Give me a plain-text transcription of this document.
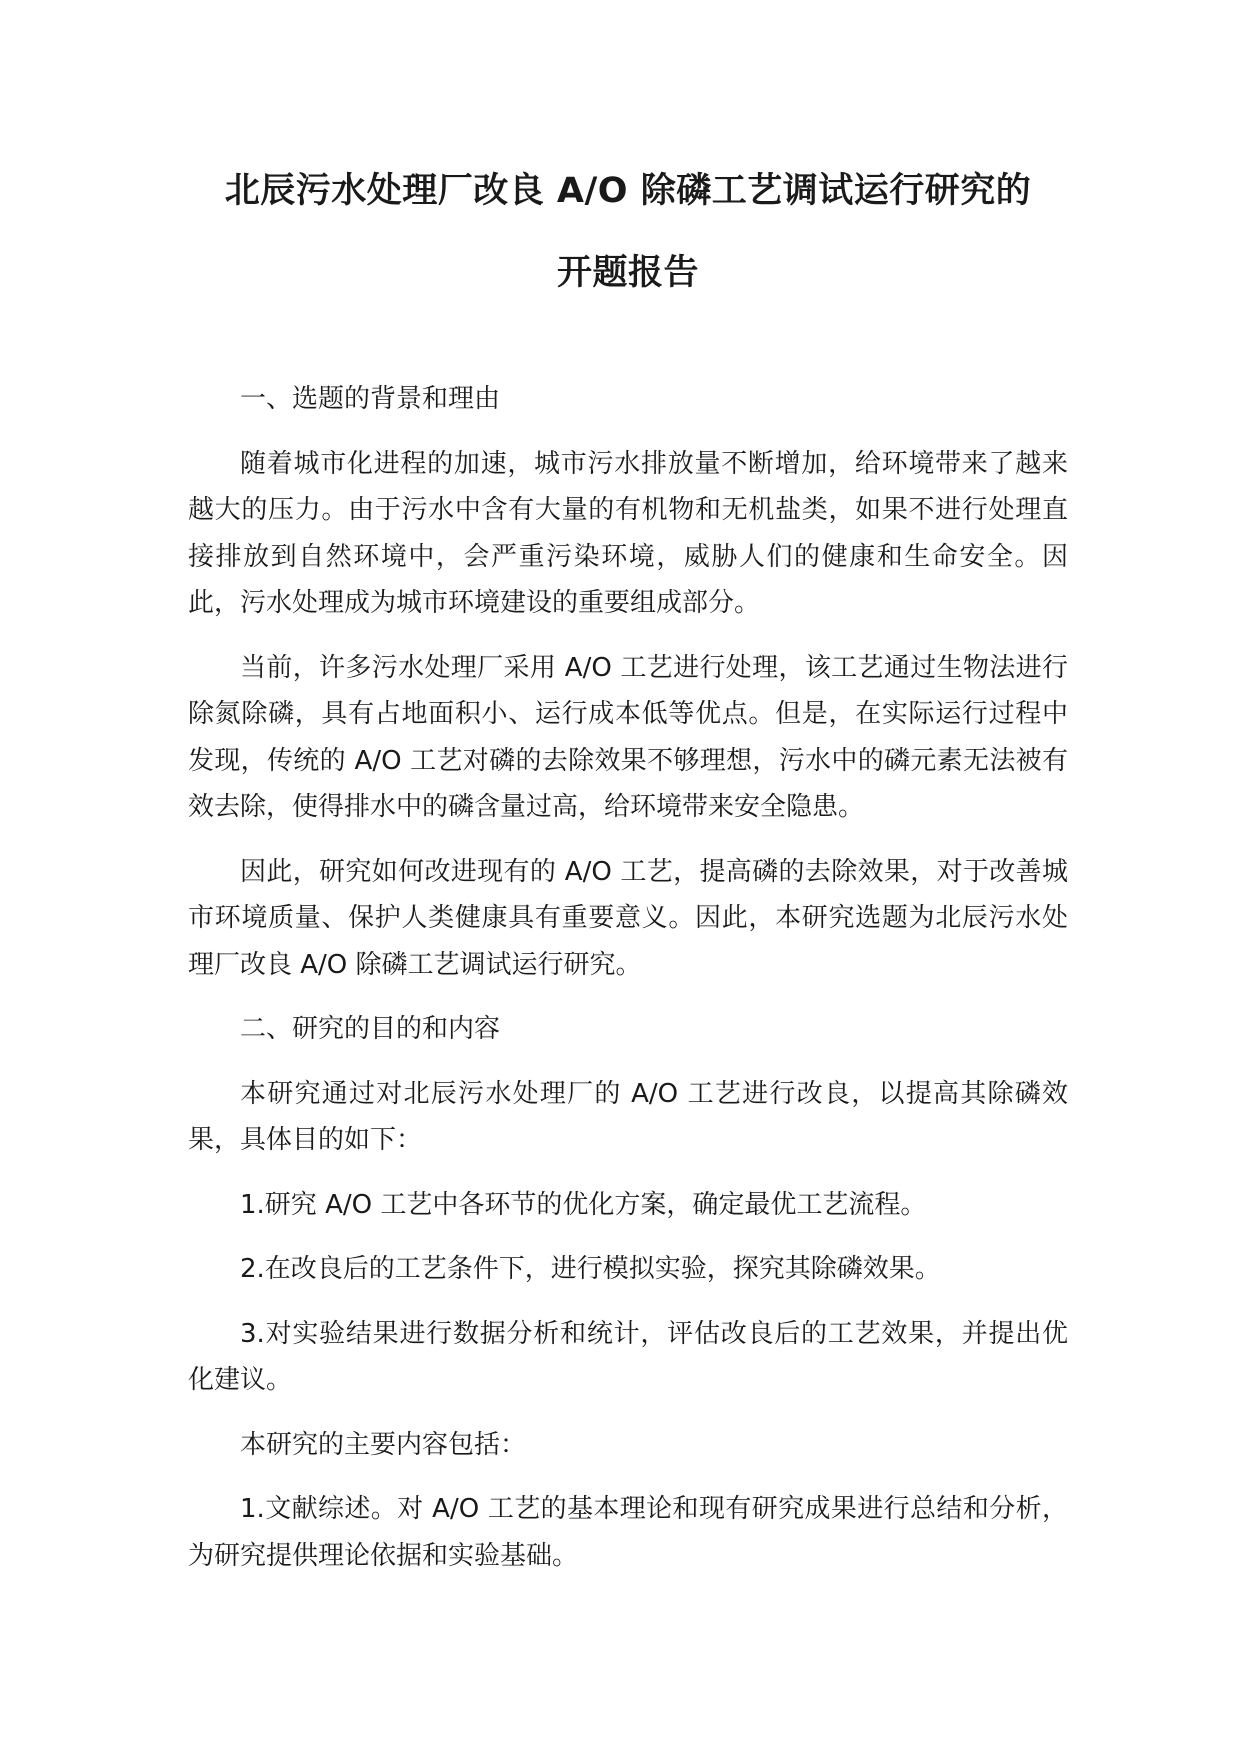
北辰污水处理厂改良 A/O 除磷工艺调试运行研究的
开题报告

一、选题的背景和理由

随着城市化进程的加速，城市污水排放量不断增加，给环境带来了越来越大的压力。由于污水中含有大量的有机物和无机盐类，如果不进行处理直接排放到自然环境中，会严重污染环境，威胁人们的健康和生命安全。因此，污水处理成为城市环境建设的重要组成部分。

当前，许多污水处理厂采用 A/O 工艺进行处理，该工艺通过生物法进行除氮除磷，具有占地面积小、运行成本低等优点。但是，在实际运行过程中发现，传统的 A/O 工艺对磷的去除效果不够理想，污水中的磷元素无法被有效去除，使得排水中的磷含量过高，给环境带来安全隐患。

因此，研究如何改进现有的 A/O 工艺，提高磷的去除效果，对于改善城市环境质量、保护人类健康具有重要意义。因此，本研究选题为北辰污水处理厂改良 A/O 除磷工艺调试运行研究。

二、研究的目的和内容

本研究通过对北辰污水处理厂的 A/O 工艺进行改良，以提高其除磷效果，具体目的如下：

1.研究 A/O 工艺中各环节的优化方案，确定最优工艺流程。

2.在改良后的工艺条件下，进行模拟实验，探究其除磷效果。

3.对实验结果进行数据分析和统计，评估改良后的工艺效果，并提出优化建议。

本研究的主要内容包括：

1.文献综述。对 A/O 工艺的基本理论和现有研究成果进行总结和分析，为研究提供理论依据和实验基础。
